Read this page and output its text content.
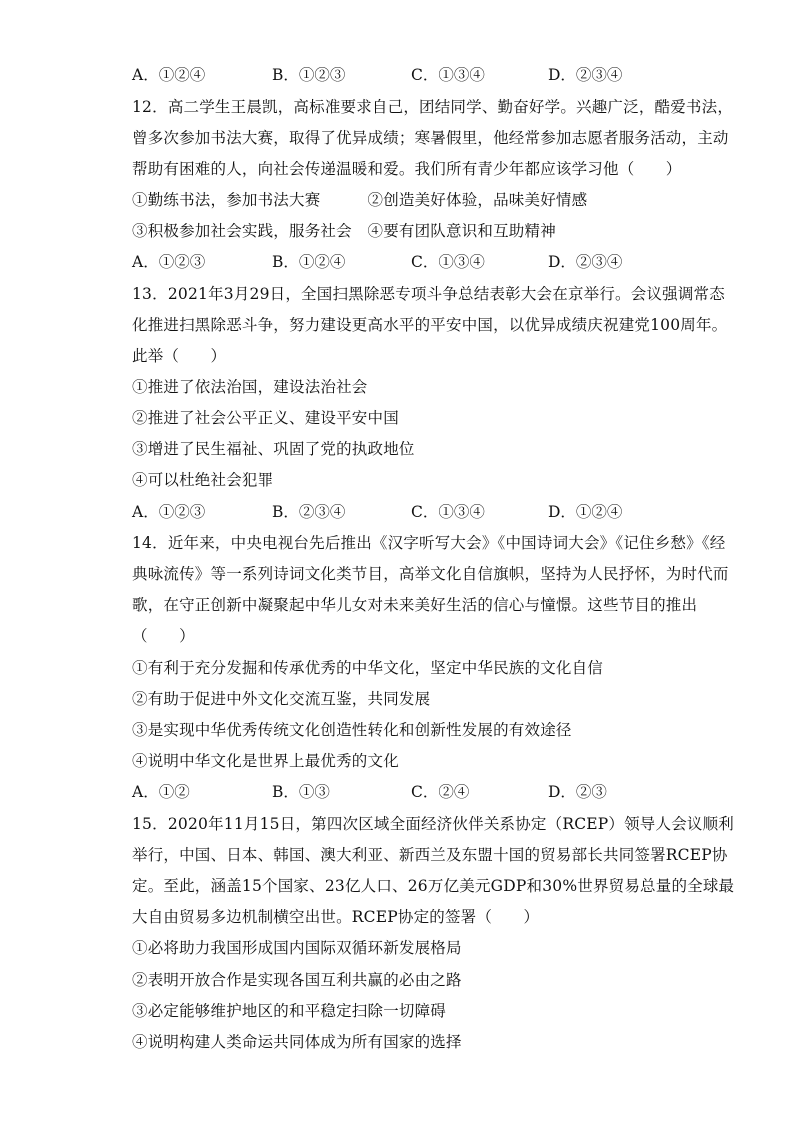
A．①②④	B．①②③	C．①③④	D．②③④
12．高二学生王晨凯，高标准要求自己，团结同学、勤奋好学。兴趣广泛，酷爱书法，
曾多次参加书法大赛，取得了优异成绩；寒暑假里，他经常参加志愿者服务活动，主动
帮助有困难的人，向社会传递温暖和爱。我们所有青少年都应该学习他（　　）
①勤练书法，参加书法大赛　　　②创造美好体验，品味美好情感
③积极参加社会实践，服务社会　④要有团队意识和互助精神
A．①②③	B．①②④	C．①③④	D．②③④
13．2021年3月29日，全国扫黑除恶专项斗争总结表彰大会在京举行。会议强调常态
化推进扫黑除恶斗争，努力建设更高水平的平安中国，以优异成绩庆祝建党100周年。
此举（　　）
①推进了依法治国，建设法治社会
②推进了社会公平正义、建设平安中国
③增进了民生福祉、巩固了党的执政地位
④可以杜绝社会犯罪
A．①②③	B．②③④	C．①③④	D．①②④
14．近年来，中央电视台先后推出《汉字听写大会》《中国诗词大会》《记住乡愁》《经
典咏流传》等一系列诗词文化类节目，高举文化自信旗帜，坚持为人民抒怀，为时代而
歌，在守正创新中凝聚起中华儿女对未来美好生活的信心与憧憬。这些节目的推出
（　　）
①有利于充分发掘和传承优秀的中华文化，坚定中华民族的文化自信
②有助于促进中外文化交流互鉴，共同发展
③是实现中华优秀传统文化创造性转化和创新性发展的有效途径
④说明中华文化是世界上最优秀的文化
A．①②	B．①③	C．②④	D．②③
15．2020年11月15日，第四次区域全面经济伙伴关系协定（RCEP）领导人会议顺利
举行，中国、日本、韩国、澳大利亚、新西兰及东盟十国的贸易部长共同签署RCEP协
定。至此，涵盖15个国家、23亿人口、26万亿美元GDP和30%世界贸易总量的全球最
大自由贸易多边机制横空出世。RCEP协定的签署（　　）
①必将助力我国形成国内国际双循环新发展格局
②表明开放合作是实现各国互利共赢的必由之路
③必定能够维护地区的和平稳定扫除一切障碍
④说明构建人类命运共同体成为所有国家的选择
